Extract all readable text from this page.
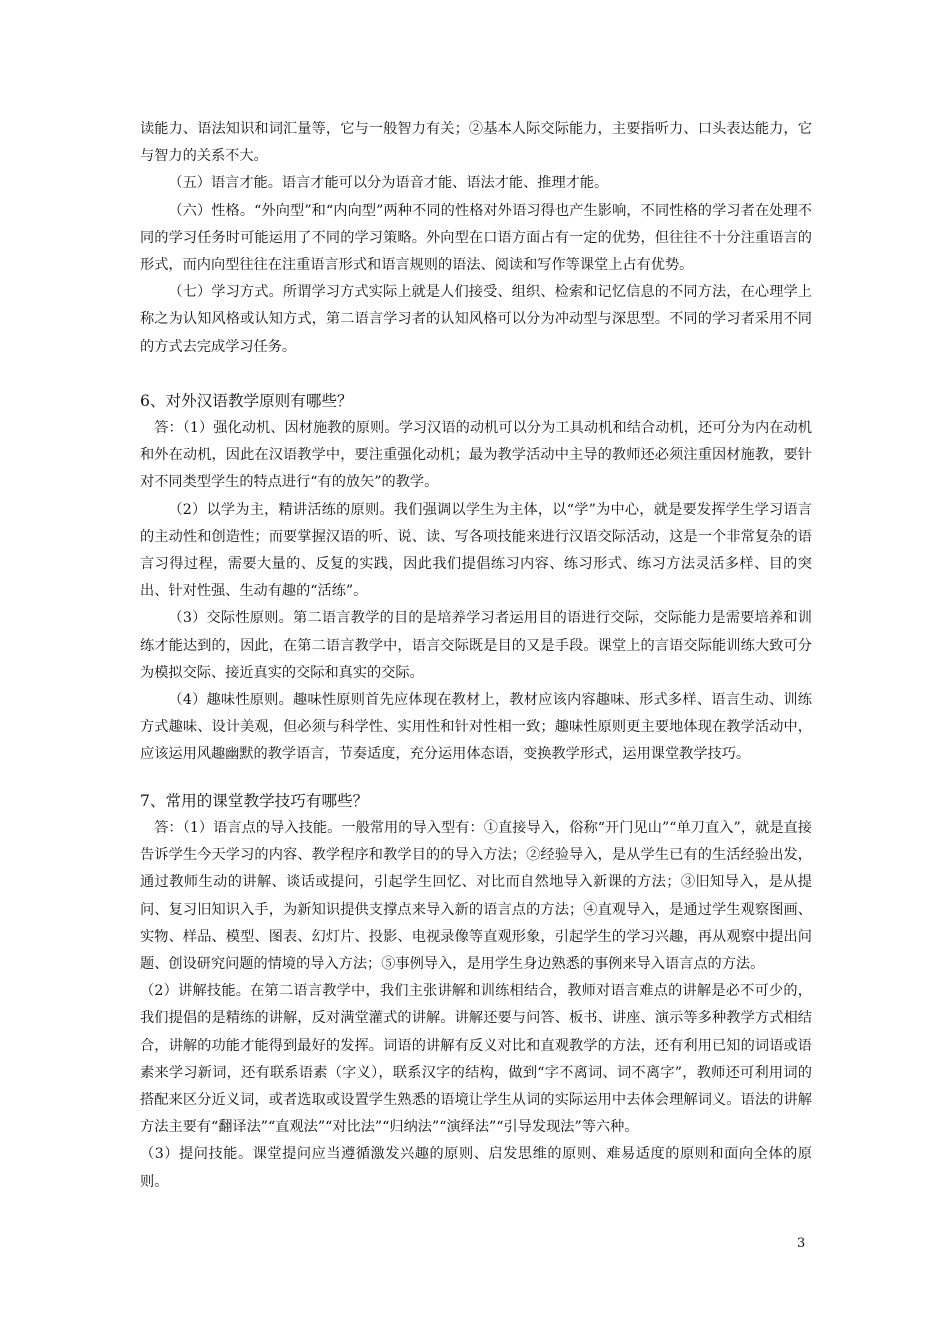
读能力、语法知识和词汇量等，它与一般智力有关；②基本人际交际能力，主要指听力、口头表达能力，它与智力的关系不大。

（五）语言才能。语言才能可以分为语音才能、语法才能、推理才能。

（六）性格。“外向型”和“内向型”两种不同的性格对外语习得也产生影响，不同性格的学习者在处理不同的学习任务时可能运用了不同的学习策略。外向型在口语方面占有一定的优势，但往往不十分注重语言的形式，而内向型往往在注重语言形式和语言规则的语法、阅读和写作等课堂上占有优势。

（七）学习方式。所谓学习方式实际上就是人们接受、组织、检索和记忆信息的不同方法，在心理学上称之为认知风格或认知方式，第二语言学习者的认知风格可以分为冲动型与深思型。不同的学习者采用不同的方式去完成学习任务。

6、对外汉语教学原则有哪些？

答：（1）强化动机、因材施教的原则。学习汉语的动机可以分为工具动机和结合动机，还可分为内在动机和外在动机，因此在汉语教学中，要注重强化动机；最为教学活动中主导的教师还必须注重因材施教，要针对不同类型学生的特点进行“有的放矢”的教学。

（2）以学为主，精讲活练的原则。我们强调以学生为主体，以“学”为中心，就是要发挥学生学习语言的主动性和创造性；而要掌握汉语的听、说、读、写各项技能来进行汉语交际活动，这是一个非常复杂的语言习得过程，需要大量的、反复的实践，因此我们提倡练习内容、练习形式、练习方法灵活多样、目的突出、针对性强、生动有趣的“活练”。

（3）交际性原则。第二语言教学的目的是培养学习者运用目的语进行交际，交际能力是需要培养和训练才能达到的，因此，在第二语言教学中，语言交际既是目的又是手段。课堂上的言语交际能训练大致可分为模拟交际、接近真实的交际和真实的交际。

（4）趣味性原则。趣味性原则首先应体现在教材上，教材应该内容趣味、形式多样、语言生动、训练方式趣味、设计美观，但必须与科学性、实用性和针对性相一致；趣味性原则更主要地体现在教学活动中，应该运用风趣幽默的教学语言，节奏适度，充分运用体态语，变换教学形式，运用课堂教学技巧。

7、常用的课堂教学技巧有哪些？

答：（1）语言点的导入技能。一般常用的导入型有：①直接导入，俗称“开门见山”“单刀直入”，就是直接告诉学生今天学习的内容、教学程序和教学目的的导入方法；②经验导入，是从学生已有的生活经验出发，通过教师生动的讲解、谈话或提问，引起学生回忆、对比而自然地导入新课的方法；③旧知导入，是从提问、复习旧知识入手，为新知识提供支撑点来导入新的语言点的方法；④直观导入，是通过学生观察图画、实物、样品、模型、图表、幻灯片、投影、电视录像等直观形象，引起学生的学习兴趣，再从观察中提出问题、创设研究问题的情境的导入方法；⑤事例导入，是用学生身边熟悉的事例来导入语言点的方法。

（2）讲解技能。在第二语言教学中，我们主张讲解和训练相结合，教师对语言难点的讲解是必不可少的，我们提倡的是精练的讲解，反对满堂灌式的讲解。讲解还要与问答、板书、讲座、演示等多种教学方式相结合，讲解的功能才能得到最好的发挥。词语的讲解有反义对比和直观教学的方法，还有利用已知的词语或语素来学习新词，还有联系语素（字义），联系汉字的结构，做到“字不离词、词不离字”，教师还可利用词的搭配来区分近义词，或者选取或设置学生熟悉的语境让学生从词的实际运用中去体会理解词义。语法的讲解方法主要有“翻译法”“直观法”“对比法”“归纳法”“演绎法”“引导发现法”等六种。

（3）提问技能。课堂提问应当遵循激发兴趣的原则、启发思维的原则、难易适度的原则和面向全体的原则。

3
